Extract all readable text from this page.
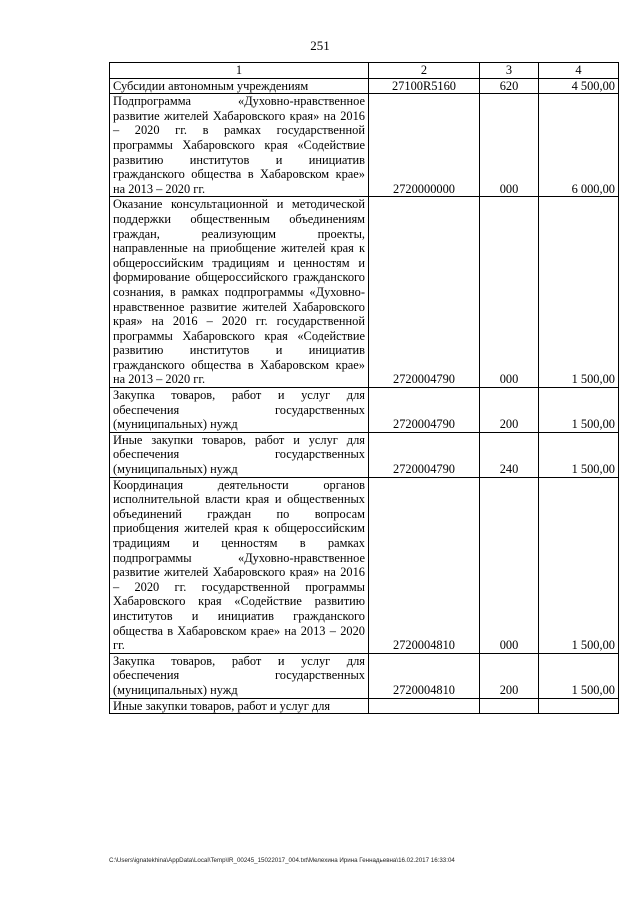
251
1	2	3	4
Субсидии автономным учреждениям	27100R5160	620	4 500,00
Подпрограмма «Духовно-нравственное развитие жителей Хабаровского края» на 2016 – 2020 гг. в рамках государственной программы Хабаровского края «Содействие развитию институтов и инициатив гражданского общества в Хабаровском крае» на 2013 – 2020 гг.	2720000000	000	6 000,00
Оказание консультационной и методической поддержки общественным объединениям граждан, реализующим проекты, направленные на приобщение жителей края к общероссийским традициям и ценностям и формирование общероссийского гражданского сознания, в рамках подпрограммы «Духовно-нравственное развитие жителей Хабаровского края» на 2016 – 2020 гг. государственной программы Хабаровского края «Содействие развитию институтов и инициатив гражданского общества в Хабаровском крае» на 2013 – 2020 гг.	2720004790	000	1 500,00
Закупка товаров, работ и услуг для обеспечения государственных (муниципальных) нужд	2720004790	200	1 500,00
Иные закупки товаров, работ и услуг для обеспечения государственных (муниципальных) нужд	2720004790	240	1 500,00
Координация деятельности органов исполнительной власти края и общественных объединений граждан по вопросам приобщения жителей края к общероссийским традициям и ценностям в рамках подпрограммы «Духовно-нравственное развитие жителей Хабаровского края» на 2016 – 2020 гг. государственной программы Хабаровского края «Содействие развитию институтов и инициатив гражданского общества в Хабаровском крае» на 2013 – 2020 гг.	2720004810	000	1 500,00
Закупка товаров, работ и услуг для обеспечения государственных (муниципальных) нужд	2720004810	200	1 500,00
Иные закупки товаров, работ и услуг для			
C:\Users\ignatekhina\AppData\Local\Temp\IR_00245_15022017_004.txt\Мелехина Ирина Геннадьевна\16.02.2017 16:33:04
